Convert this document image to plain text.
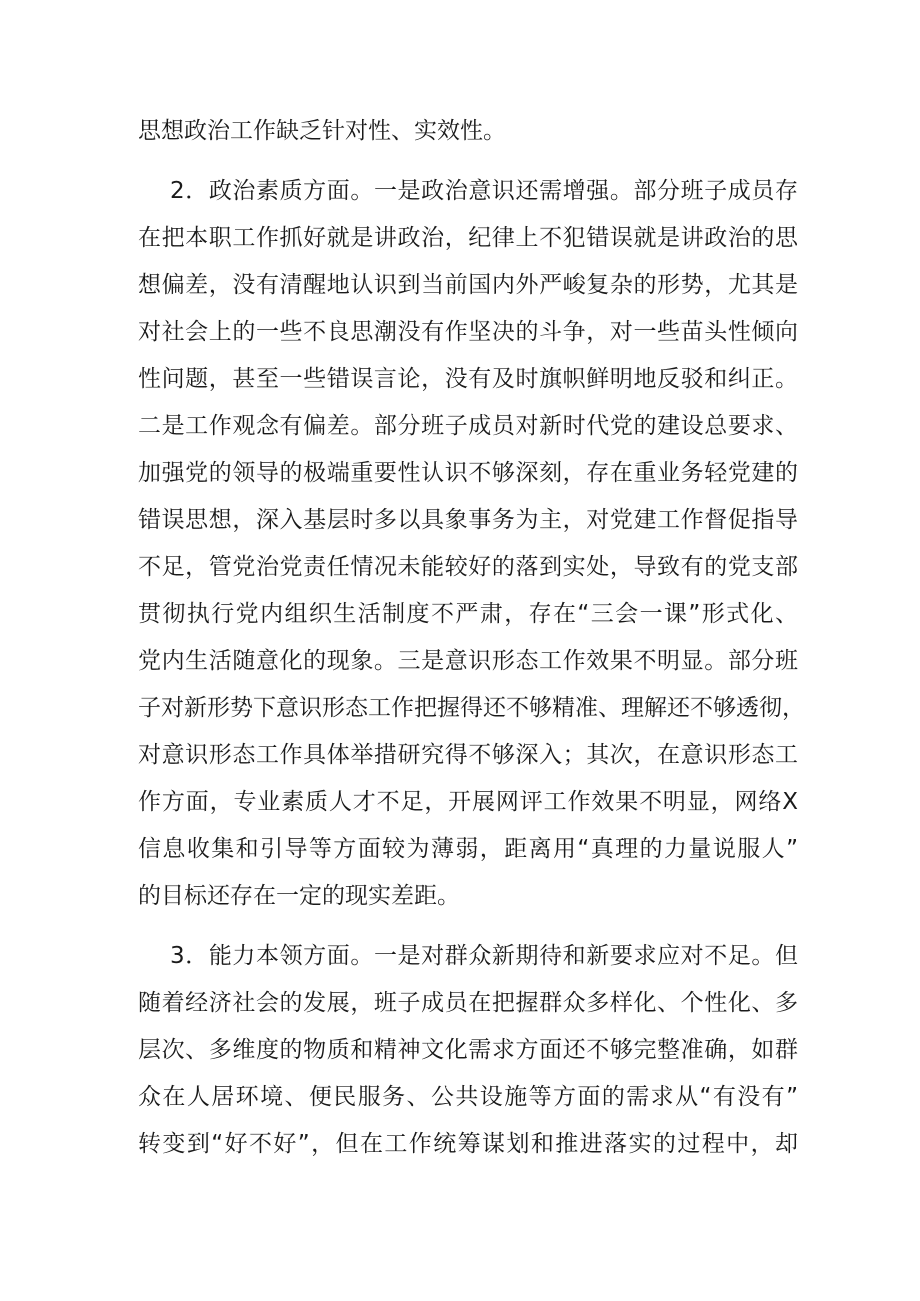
思想政治工作缺乏针对性、实效性。
2．政治素质方面。一是政治意识还需增强。部分班子成员存
在把本职工作抓好就是讲政治，纪律上不犯错误就是讲政治的思
想偏差，没有清醒地认识到当前国内外严峻复杂的形势，尤其是
对社会上的一些不良思潮没有作坚决的斗争，对一些苗头性倾向
性问题，甚至一些错误言论，没有及时旗帜鲜明地反驳和纠正。
二是工作观念有偏差。部分班子成员对新时代党的建设总要求、
加强党的领导的极端重要性认识不够深刻，存在重业务轻党建的
错误思想，深入基层时多以具象事务为主，对党建工作督促指导
不足，管党治党责任情况未能较好的落到实处，导致有的党支部
贯彻执行党内组织生活制度不严肃，存在“三会一课”形式化、
党内生活随意化的现象。三是意识形态工作效果不明显。部分班
子对新形势下意识形态工作把握得还不够精准、理解还不够透彻，
对意识形态工作具体举措研究得不够深入；其次，在意识形态工
作方面，专业素质人才不足，开展网评工作效果不明显，网络X
信息收集和引导等方面较为薄弱，距离用“真理的力量说服人”
的目标还存在一定的现实差距。
3．能力本领方面。一是对群众新期待和新要求应对不足。但
随着经济社会的发展，班子成员在把握群众多样化、个性化、多
层次、多维度的物质和精神文化需求方面还不够完整准确，如群
众在人居环境、便民服务、公共设施等方面的需求从“有没有”
转变到“好不好”，但在工作统筹谋划和推进落实的过程中，却
